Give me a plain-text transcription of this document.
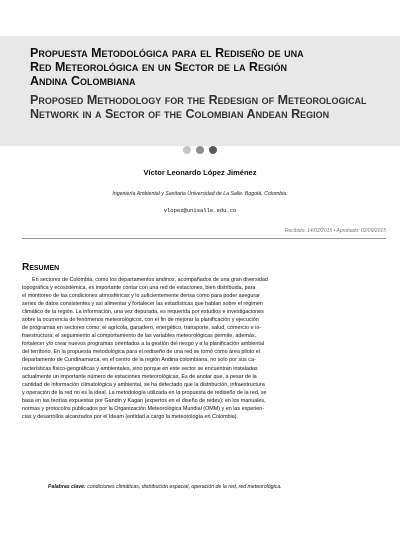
Propuesta Metodológica para el Rediseño de una
Red Meteorológica en un Sector de la Región
Andina Colombiana
Proposed Methodology for the Redesign of Meteorological
Network in a Sector of the Colombian Andean Region
Víctor Leonardo López Jiménez
Ingeniería Ambiental y Sanitaria Universidad de La Salle. Bogotá, Colombia.
vlopez@unisalle.edu.co
Recibido: 14/02/2015 • Aprobado: 02/09/2015
Resumen

En sectores de Colombia, como los departamentos andinos, acompañados de una gran diversidad
topográfica y ecosistémica, es importante contar con una red de estaciones, bien distribuida, para
el monitoreo de las condiciones atmosféricas y lo suficientemente densa como para poder asegurar
series de datos consistentes y así alimentar y fortalecer las estadísticas que hablan sobre el régimen
climático de la región. La información, una vez depurada, es requerida por estudios e investigaciones
sobre la ocurrencia de fenómenos meteorológicos, con el fin de mejorar la planificación y ejecución
de programas en sectores como: el agrícola, ganadero, energético, transporte, salud, comercio e in-
fraestructura; el seguimiento al comportamiento de las variables meteorológicas permite, además,
fortalecer y/o crear nuevos programas orientados a la gestión del riesgo y a la planificación ambiental
del territorio. En la propuesta metodológica para el rediseño de una red se tomó como área piloto el
departamento de Cundinamarca, en el centro de la región Andina colombiana, no solo por sus ca-
racterísticas físico-geográficas y ambientales, sino porque en este sector se encuentran instaladas
actualmente un importante número de estaciones meteorológicas. Es de anotar que, a pesar de la
cantidad de información climatológica y ambiental, se ha detectado que la distribución, infraestructura
y operación de la red no es la ideal. La metodología utilizada en la propuesta de rediseño de la red, se
basa en las teorías expuestas por Gandin y Kagan (expertos en el diseño de redes); en los manuales,
normas y protocolos publicados por la Organización Meteorológica Mundial (OMM) y en las experien-
cias y desarrollos alcanzados por el Ideam (entidad a cargo la meteorología en Colombia).

Palabras clave: condiciones climáticas, distribución espacial, operación de la red, red meteorológica.
